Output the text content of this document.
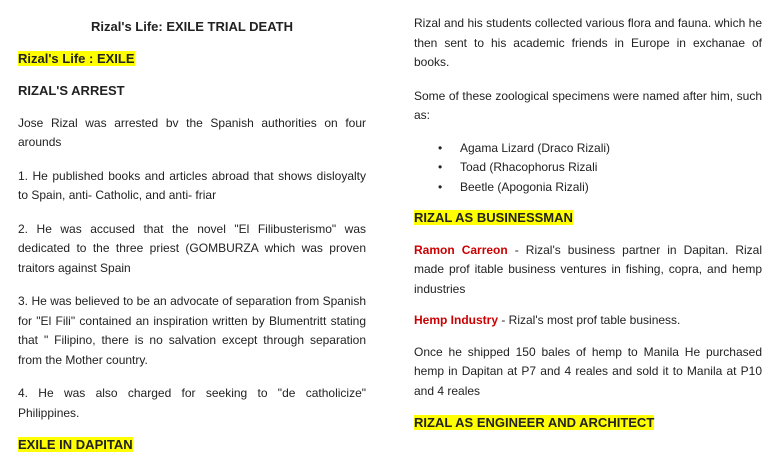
Rizal's Life: EXILE TRIAL DEATH

Rizal's Life : EXILE

RIZAL'S ARREST

Jose Rizal was arrested bv the Spanish authorities on four arounds

1. He published books and articles abroad that shows disloyalty to Spain, anti- Catholic, and anti- friar

2. He was accused that the novel "El Filibusterismo" was dedicated to the three priest (GOMBURZA which was proven traitors against Spain

3. He was believed to be an advocate of separation from Spanish for "El Fili" contained an inspiration written by Blumentritt stating that " Filipino, there is no salvation except through separation from the Mother country.

4. He was also charged for seeking to "de catholicize" Philippines.

EXILE IN DAPITAN

Rizal and his students collected various flora and fauna. which he then sent to his academic friends in Europe in exchanae of books.

Some of these zoological specimens were named after him, such as:

• Agama Lizard (Draco Rizali)
• Toad (Rhacophorus Rizali
• Beetle (Apogonia Rizali)

RIZAL AS BUSINESSMAN

Ramon Carreon - Rizal's business partner in Dapitan. Rizal made prof itable business ventures in fishing, copra, and hemp industries

Hemp Industry - Rizal's most prof table business.

Once he shipped 150 bales of hemp to Manila He purchased hemp in Dapitan at P7 and 4 reales and sold it to Manila at P10 and 4 reales

RIZAL AS ENGINEER AND ARCHITECT
